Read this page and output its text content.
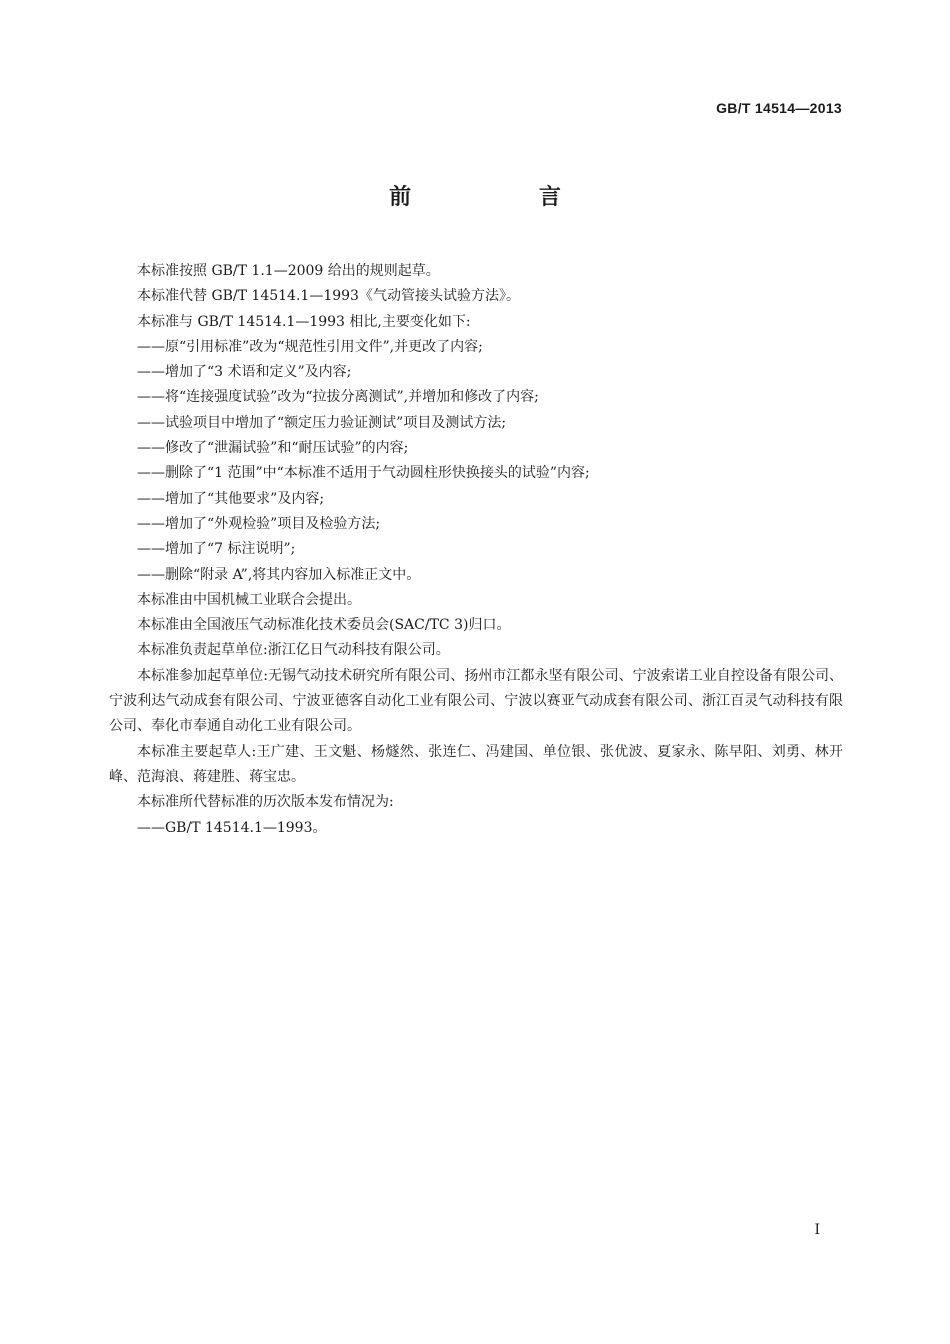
GB/T 14514—2013
前 言

本标准按照 GB/T 1.1—2009 给出的规则起草。

本标准代替 GB/T 14514.1—1993《气动管接头试验方法》。

本标准与 GB/T 14514.1—1993 相比,主要变化如下:

——原“引用标准”改为“规范性引用文件”,并更改了内容;

——增加了“3 术语和定义”及内容;

——将“连接强度试验”改为“拉拔分离测试”,并增加和修改了内容;

——试验项目中增加了“额定压力验证测试”项目及测试方法;

——修改了“泄漏试验”和“耐压试验”的内容;

——删除了“1 范围”中“本标准不适用于气动圆柱形快换接头的试验”内容;

——增加了“其他要求”及内容;

——增加了“外观检验”项目及检验方法;

——增加了“7 标注说明”;

——删除“附录 A”,将其内容加入标准正文中。

本标准由中国机械工业联合会提出。

本标准由全国液压气动标准化技术委员会(SAC/TC 3)归口。

本标准负责起草单位:浙江亿日气动科技有限公司。

本标准参加起草单位:无锡气动技术研究所有限公司、扬州市江都永坚有限公司、宁波索诺工业自控设备有限公司、宁波利达气动成套有限公司、宁波亚德客自动化工业有限公司、宁波以赛亚气动成套有限公司、浙江百灵气动科技有限公司、奉化市奉通自动化工业有限公司。

本标准主要起草人:王广建、王文魁、杨燧然、张连仁、冯建国、单位银、张优波、夏家永、陈早阳、刘勇、林开峰、范海浪、蒋建胜、蒋宝忠。

本标准所代替标准的历次版本发布情况为:

——GB/T 14514.1—1993。

I
